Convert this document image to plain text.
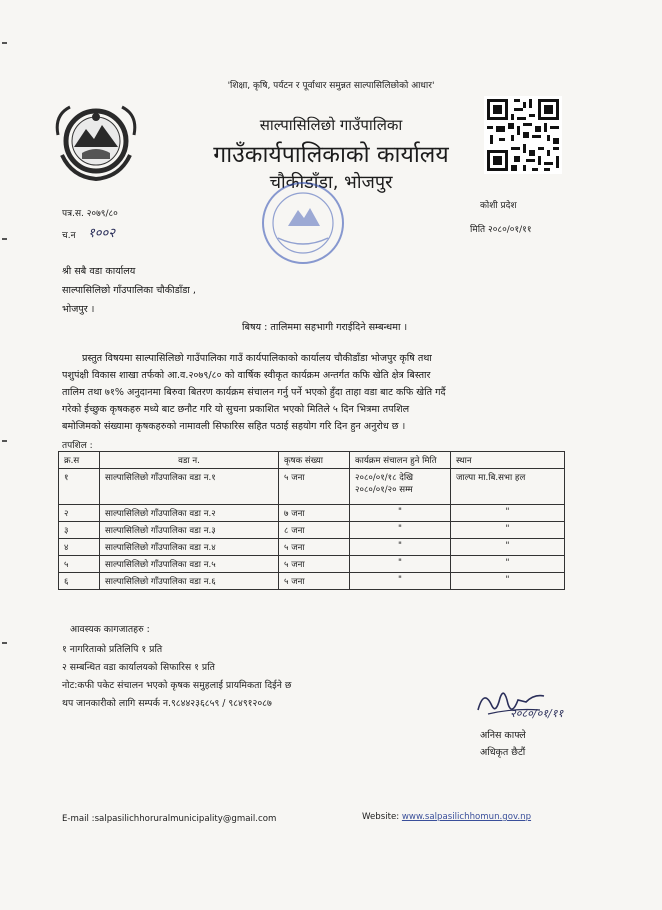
'शिक्षा, कृषि, पर्यटन र पूर्वाधार समुन्नत साल्पासिलिछोको आधार'
साल्पासिलिछो गाउँपालिका
गाउँकार्यपालिकाको कार्यालय
चौकीडाँडा, भोजपुर
पत्र.स. २०७९/८०
च.न १००२
कोशी प्रदेश
मिति २०८०/०१/११
श्री सबै वडा कार्यालय
साल्पासिलिछो गाँउपालिका चौकीडाँडा ,
भोजपुर ।
बिषय : तालिममा सहभागी गराईदिने सम्बन्धमा ।
प्रस्तुत विषयमा साल्पासिलिछो गाउँपालिका गाउँ कार्यपालिकाको कार्यालय चौकीडाँडा भोजपुर कृषि तथा
पशुपंक्षी विकास शाखा तर्फको आ.व.२०७९/८० को वार्षिक स्वीकृत कार्यक्रम अन्तर्गत कफि खेति क्षेत्र बिस्तार
तालिम तथा ७१% अनुदानमा बिरुवा बितरण कार्यक्रम संचालन गर्नु पर्ने भएको हुँदा ताहा वडा बाट कफि खेति गर्दै
गरेको ईच्छुक कृषकहरु मध्ये बाट छनौट गरि यो सुचना प्रकाशित भएको मितिले ५ दिन भित्रमा तपशिल
बमोजिमको संख्यामा कृषकहरुको नामावली सिफारिस सहित पठाई सहयोग गरि दिन हुन अनुरोध छ ।
तपशिल :
क्र.स	वडा न.	कृषक संख्या	कार्यक्रम संचालन हुने मिति	स्थान
१	साल्पासिलिछो गाँउपालिका वडा न.१	५ जना	२०८०/०१/१८ देखि २०८०/०१/२० सम्म	जाल्पा मा.बि.सभा हल
२	साल्पासिलिछो गाँउपालिका वडा न.२	७ जना	"	"
३	साल्पासिलिछो गाँउपालिका वडा न.३	८ जना	"	"
४	साल्पासिलिछो गाँउपालिका वडा न.४	५ जना	"	"
५	साल्पासिलिछो गाँउपालिका वडा न.५	५ जना	"	"
६	साल्पासिलिछो गाँउपालिका वडा न.६	५ जना	"	"
आवस्यक कागजातहरु :
१ नागरिताको प्रतिलिपि १ प्रति
२ सम्बन्धित वडा कार्यालयको सिफारिस १ प्रति
नोट:कफी पकेट संचालन भएको कृषक समुहलाई प्रायमिकता दिईने छ
थप जानकारीको लागि सम्पर्क न.९८४४२३६८५९ / ९८४९१२०८७
२०८०/०१/११
अनिस काफ्ले
अधिकृत छैटौं
E-mail :salpasilichhoruralmunicipality@gmail.com	Website: www.salpasilichhomun.gov.np
